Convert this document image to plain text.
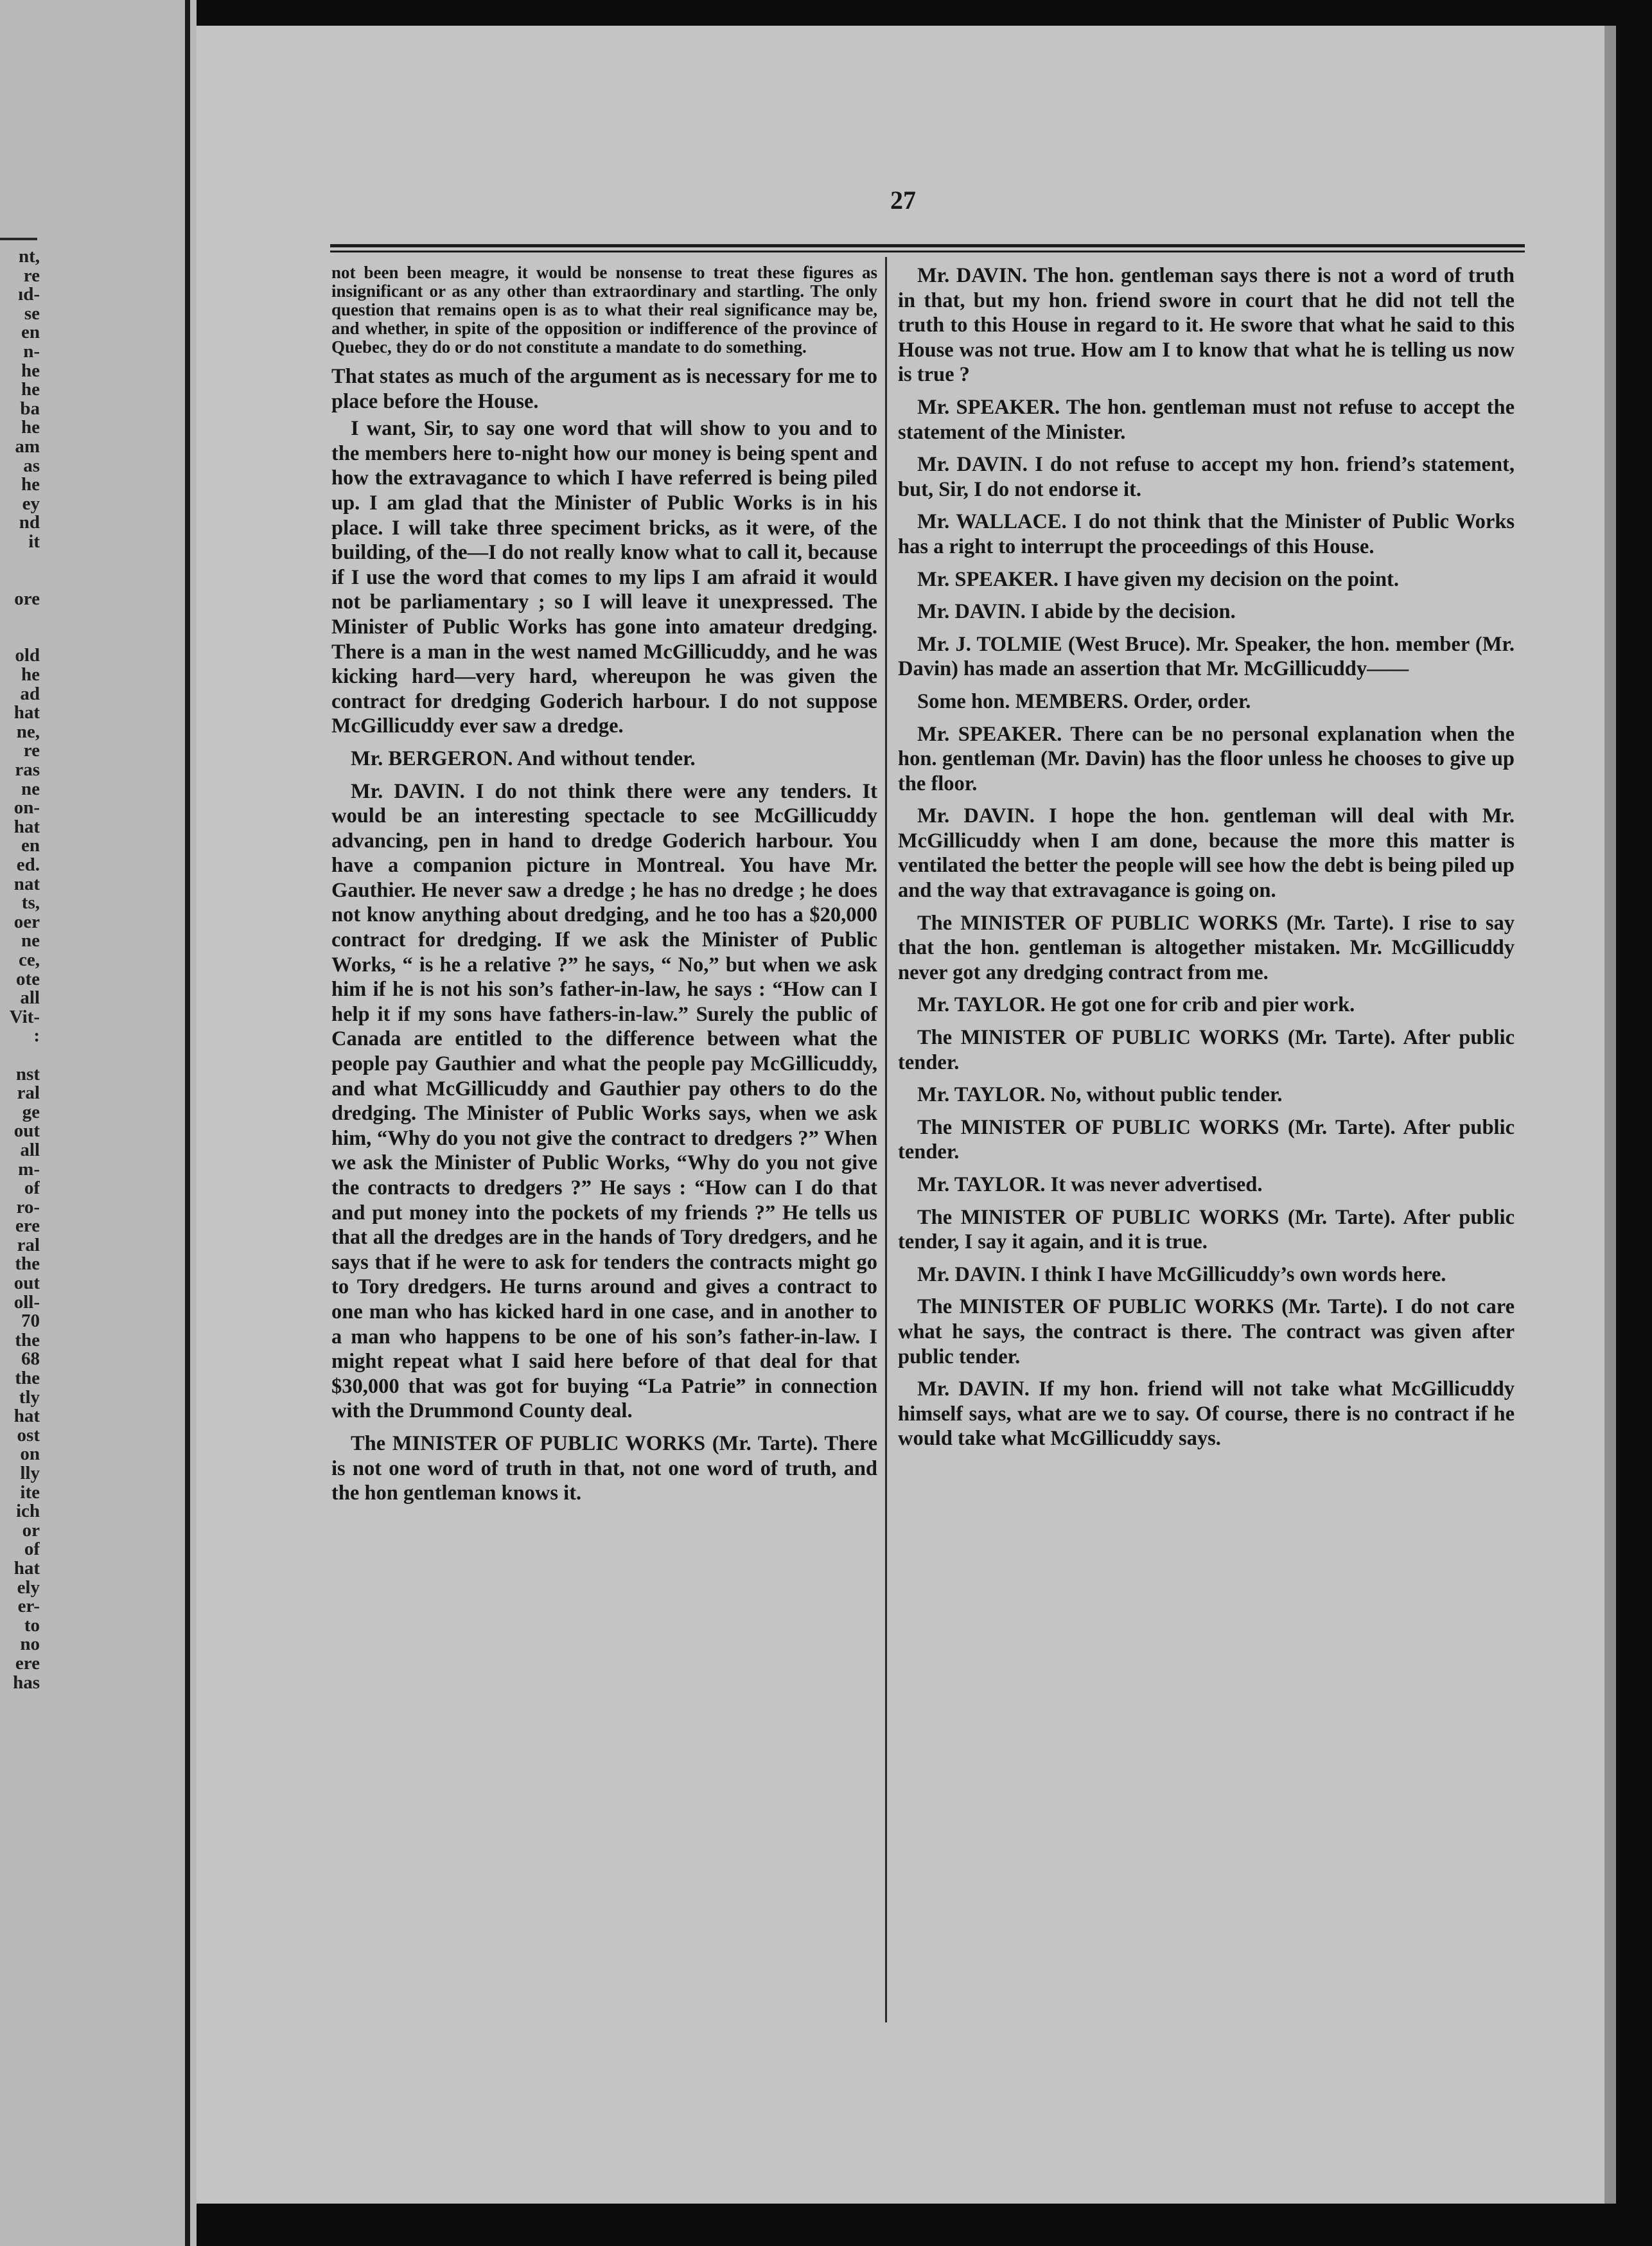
nt,
re
ıd-
se
en
n-
he
he
ba
he
am
as
he
ey
nd
it
ore
old
he
ad
hat
ne,
re
ras
ne
on-
hat
en
ed.
nat
ts,
oer
ne
ce,
ote
all
Vit-
:
nst
ral
ge
out
all
m-
of
ro-
ere
ral
the
out
oll-
70
the
68
the
tly
hat
ost
on
lly
ite
ich
or
of
hat
ely
er-
to
no
ere
has
27

not been been meagre, it would be nonsense to treat these figures as insignificant or as any other than extraordinary and startling. The only question that remains open is as to what their real significance may be, and whether, in spite of the opposition or indifference of the province of Quebec, they do or do not constitute a mandate to do something.

That states as much of the argument as is necessary for me to place before the House.

I want, Sir, to say one word that will show to you and to the members here to-night how our money is being spent and how the extravagance to which I have referred is being piled up. I am glad that the Minister of Public Works is in his place. I will take three speciment bricks, as it were, of the building, of the—I do not really know what to call it, because if I use the word that comes to my lips I am afraid it would not be parliamentary ; so I will leave it unexpressed. The Minister of Public Works has gone into amateur dredging. There is a man in the west named McGillicuddy, and he was kicking hard—very hard, whereupon he was given the contract for dredging Goderich harbour. I do not suppose McGillicuddy ever saw a dredge.

Mr. BERGERON. And without tender.

Mr. DAVIN. I do not think there were any tenders. It would be an interesting spectacle to see McGillicuddy advancing, pen in hand to dredge Goderich harbour. You have a companion picture in Montreal. You have Mr. Gauthier. He never saw a dredge ; he has no dredge ; he does not know anything about dredging, and he too has a $20,000 contract for dredging. If we ask the Minister of Public Works, “ is he a relative ?” he says, “ No,” but when we ask him if he is not his son’s father-in-law, he says : “How can I help it if my sons have fathers-in-law.” Surely the public of Canada are entitled to the difference between what the people pay Gauthier and what the people pay McGillicuddy, and what McGillicuddy and Gauthier pay others to do the dredging. The Minister of Public Works says, when we ask him, “Why do you not give the contract to dredgers ?” When we ask the Minister of Public Works, “Why do you not give the contracts to dredgers ?” He says : “How can I do that and put money into the pockets of my friends ?” He tells us that all the dredges are in the hands of Tory dredgers, and he says that if he were to ask for tenders the contracts might go to Tory dredgers. He turns around and gives a contract to one man who has kicked hard in one case, and in another to a man who happens to be one of his son’s father-in-law. I might repeat what I said here before of that deal for that $30,000 that was got for buying “La Patrie” in connection with the Drummond County deal.

The MINISTER OF PUBLIC WORKS (Mr. Tarte). There is not one word of truth in that, not one word of truth, and the hon gentleman knows it.

Mr. DAVIN. The hon. gentleman says there is not a word of truth in that, but my hon. friend swore in court that he did not tell the truth to this House in regard to it. He swore that what he said to this House was not true. How am I to know that what he is telling us now is true ?

Mr. SPEAKER. The hon. gentleman must not refuse to accept the statement of the Minister.

Mr. DAVIN. I do not refuse to accept my hon. friend’s statement, but, Sir, I do not endorse it.

Mr. WALLACE. I do not think that the Minister of Public Works has a right to interrupt the proceedings of this House.

Mr. SPEAKER. I have given my decision on the point.

Mr. DAVIN. I abide by the decision.

Mr. J. TOLMIE (West Bruce). Mr. Speaker, the hon. member (Mr. Davin) has made an assertion that Mr. McGillicuddy——

Some hon. MEMBERS. Order, order.

Mr. SPEAKER. There can be no personal explanation when the hon. gentleman (Mr. Davin) has the floor unless he chooses to give up the floor.

Mr. DAVIN. I hope the hon. gentleman will deal with Mr. McGillicuddy when I am done, because the more this matter is ventilated the better the people will see how the debt is being piled up and the way that extravagance is going on.

The MINISTER OF PUBLIC WORKS (Mr. Tarte). I rise to say that the hon. gentleman is altogether mistaken. Mr. McGillicuddy never got any dredging contract from me.

Mr. TAYLOR. He got one for crib and pier work.

The MINISTER OF PUBLIC WORKS (Mr. Tarte). After public tender.

Mr. TAYLOR. No, without public tender.

The MINISTER OF PUBLIC WORKS (Mr. Tarte). After public tender.

Mr. TAYLOR. It was never advertised.

The MINISTER OF PUBLIC WORKS (Mr. Tarte). After public tender, I say it again, and it is true.

Mr. DAVIN. I think I have McGillicuddy’s own words here.

The MINISTER OF PUBLIC WORKS (Mr. Tarte). I do not care what he says, the contract is there. The contract was given after public tender.

Mr. DAVIN. If my hon. friend will not take what McGillicuddy himself says, what are we to say. Of course, there is no contract if he would take what McGillicuddy says.
